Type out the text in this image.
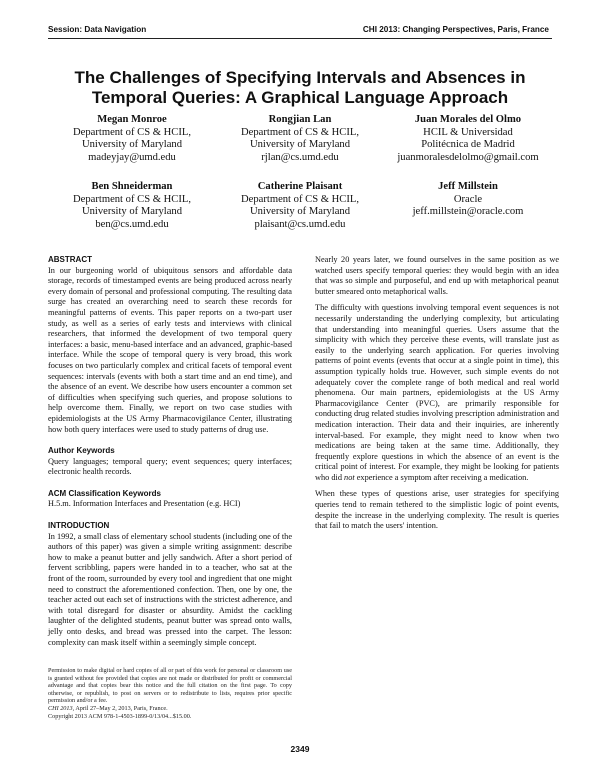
Session: Data Navigation	CHI 2013: Changing Perspectives, Paris, France
The Challenges of Specifying Intervals and Absences in Temporal Queries: A Graphical Language Approach
Megan Monroe
Department of CS & HCIL,
University of Maryland
madeyjay@umd.edu
Rongjian Lan
Department of CS & HCIL,
University of Maryland
rjlan@cs.umd.edu
Juan Morales del Olmo
HCIL & Universidad
Politécnica de Madrid
juanmoralesdelolmo@gmail.com
Ben Shneiderman
Department of CS & HCIL,
University of Maryland
ben@cs.umd.edu
Catherine Plaisant
Department of CS & HCIL,
University of Maryland
plaisant@cs.umd.edu
Jeff Millstein
Oracle
jeff.millstein@oracle.com
ABSTRACT

In our burgeoning world of ubiquitous sensors and affordable data storage, records of timestamped events are being produced across nearly every domain of personal and professional computing. The resulting data surge has created an overarching need to search these records for meaningful patterns of events. This paper reports on a two-part user study, as well as a series of early tests and interviews with clinical researchers, that informed the development of two temporal query interfaces: a basic, menu-based interface and an advanced, graphic-based interface. While the scope of temporal query is very broad, this work focuses on two particularly complex and critical facets of temporal event sequences: intervals (events with both a start time and an end time), and the absence of an event. We describe how users encounter a common set of difficulties when specifying such queries, and propose solutions to help overcome them. Finally, we report on two case studies with epidemiologists at the US Army Pharmacovigilance Center, illustrating how both query interfaces were used to study patterns of drug use.

Author Keywords

Query languages; temporal query; event sequences; query interfaces; electronic health records.

ACM Classification Keywords

H.5.m. Information Interfaces and Presentation (e.g. HCI)

INTRODUCTION

In 1992, a small class of elementary school students (including one of the authors of this paper) was given a simple writing assignment: describe how to make a peanut butter and jelly sandwich. After a short period of fervent scribbling, papers were handed in to a teacher, who sat at the front of the room, surrounded by every tool and ingredient that one might need to construct the aforementioned confection. Then, one by one, the teacher acted out each set of instructions with the strictest adherence, and with total disregard for disaster or absurdity. Amidst the cackling laughter of the delighted students, peanut butter was spread onto walls, jelly onto desks, and bread was pressed into the carpet. The lesson: complexity can mask itself within a seemingly simple concept.

Nearly 20 years later, we found ourselves in the same position as we watched users specify temporal queries: they would begin with an idea that was so simple and purposeful, and end up with metaphorical peanut butter smeared onto metaphorical walls.

The difficulty with questions involving temporal event sequences is not necessarily understanding the underlying complexity, but articulating that understanding into meaningful queries. Users assume that the simplicity with which they perceive these events, will translate just as easily to the underlying search application. For queries involving patterns of point events (events that occur at a single point in time), this assumption typically holds true. However, such simple events do not adequately cover the complete range of both medical and real world phenomena. Our main partners, epidemiologists at the US Army Pharmacovigilance Center (PVC), are primarily responsible for conducting drug related studies involving prescription administration and medication interaction. Their data and their inquiries, are inherently interval-based. For example, they might need to know when two medications are being taken at the same time. Additionally, they frequently explore questions in which the absence of an event is the critical point of interest. For example, they might be looking for patients who did not experience a symptom after receiving a medication.

When these types of questions arise, user strategies for specifying queries tend to remain tethered to the simplistic logic of point events, despite the increase in the underlying complexity. The result is queries that fail to match the users' intention.

Permission to make digital or hard copies of all or part of this work for personal or classroom use is granted without fee provided that copies are not made or distributed for profit or commercial advantage and that copies bear this notice and the full citation on the first page. To copy otherwise, or republish, to post on servers or to redistribute to lists, requires prior specific permission and/or a fee.

CHI 2013, April 27–May 2, 2013, Paris, France.

Copyright 2013 ACM 978-1-4503-1899-0/13/04...$15.00.

2349
